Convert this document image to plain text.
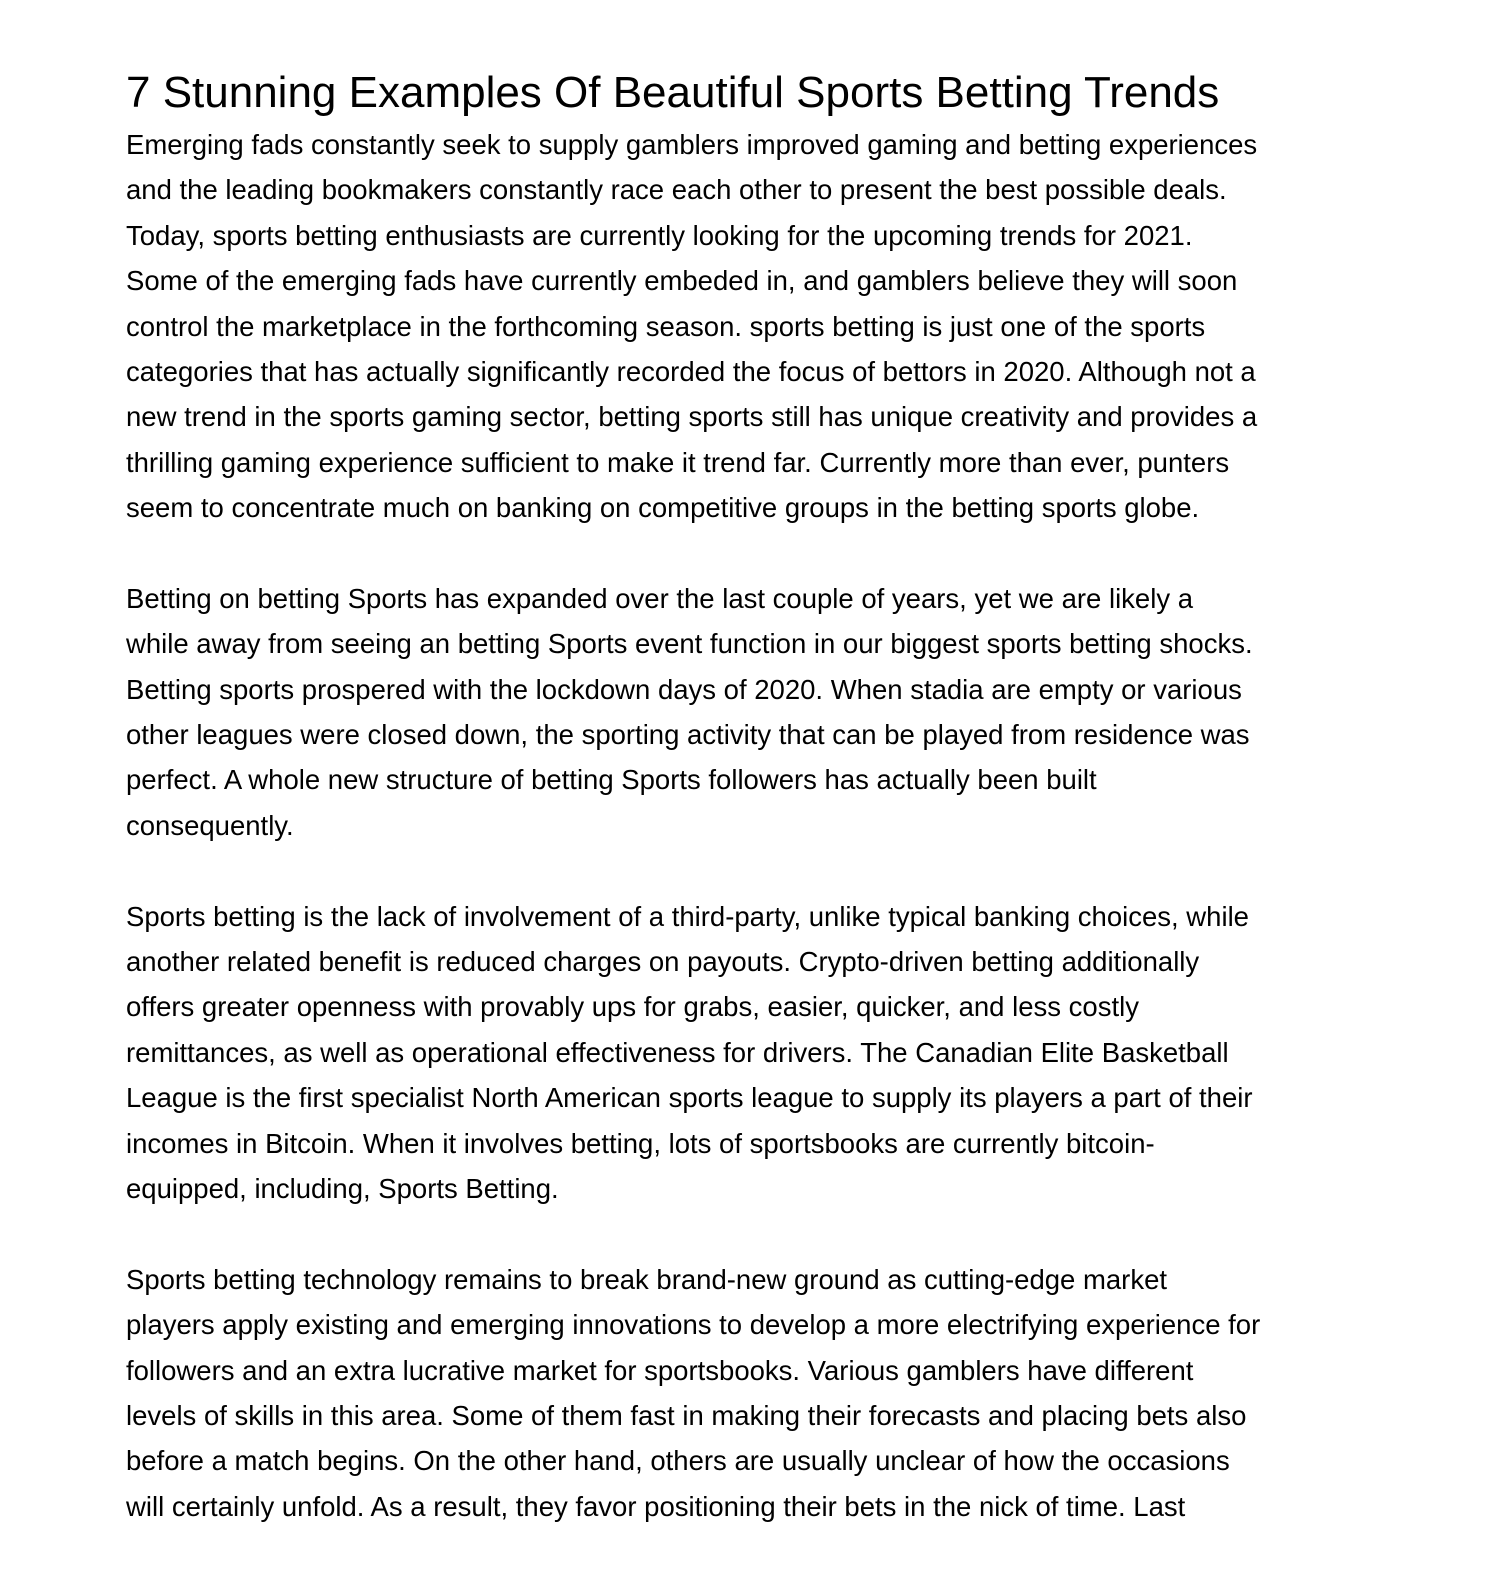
7 Stunning Examples Of Beautiful Sports Betting Trends
Emerging fads constantly seek to supply gamblers improved gaming and betting experiences
and the leading bookmakers constantly race each other to present the best possible deals.
Today, sports betting enthusiasts are currently looking for the upcoming trends for 2021.
Some of the emerging fads have currently embeded in, and gamblers believe they will soon
control the marketplace in the forthcoming season. sports betting is just one of the sports
categories that has actually significantly recorded the focus of bettors in 2020. Although not a
new trend in the sports gaming sector, betting sports still has unique creativity and provides a
thrilling gaming experience sufficient to make it trend far. Currently more than ever, punters
seem to concentrate much on banking on competitive groups in the betting sports globe.
Betting on betting Sports has expanded over the last couple of years, yet we are likely a
while away from seeing an betting Sports event function in our biggest sports betting shocks.
Betting sports prospered with the lockdown days of 2020. When stadia are empty or various
other leagues were closed down, the sporting activity that can be played from residence was
perfect. A whole new structure of betting Sports followers has actually been built
consequently.
Sports betting is the lack of involvement of a third-party, unlike typical banking choices, while
another related benefit is reduced charges on payouts. Crypto-driven betting additionally
offers greater openness with provably ups for grabs, easier, quicker, and less costly
remittances, as well as operational effectiveness for drivers. The Canadian Elite Basketball
League is the first specialist North American sports league to supply its players a part of their
incomes in Bitcoin. When it involves betting, lots of sportsbooks are currently bitcoin-
equipped, including, Sports Betting.
Sports betting technology remains to break brand-new ground as cutting-edge market
players apply existing and emerging innovations to develop a more electrifying experience for
followers and an extra lucrative market for sportsbooks. Various gamblers have different
levels of skills in this area. Some of them fast in making their forecasts and placing bets also
before a match begins. On the other hand, others are usually unclear of how the occasions
will certainly unfold. As a result, they favor positioning their bets in the nick of time. Last
